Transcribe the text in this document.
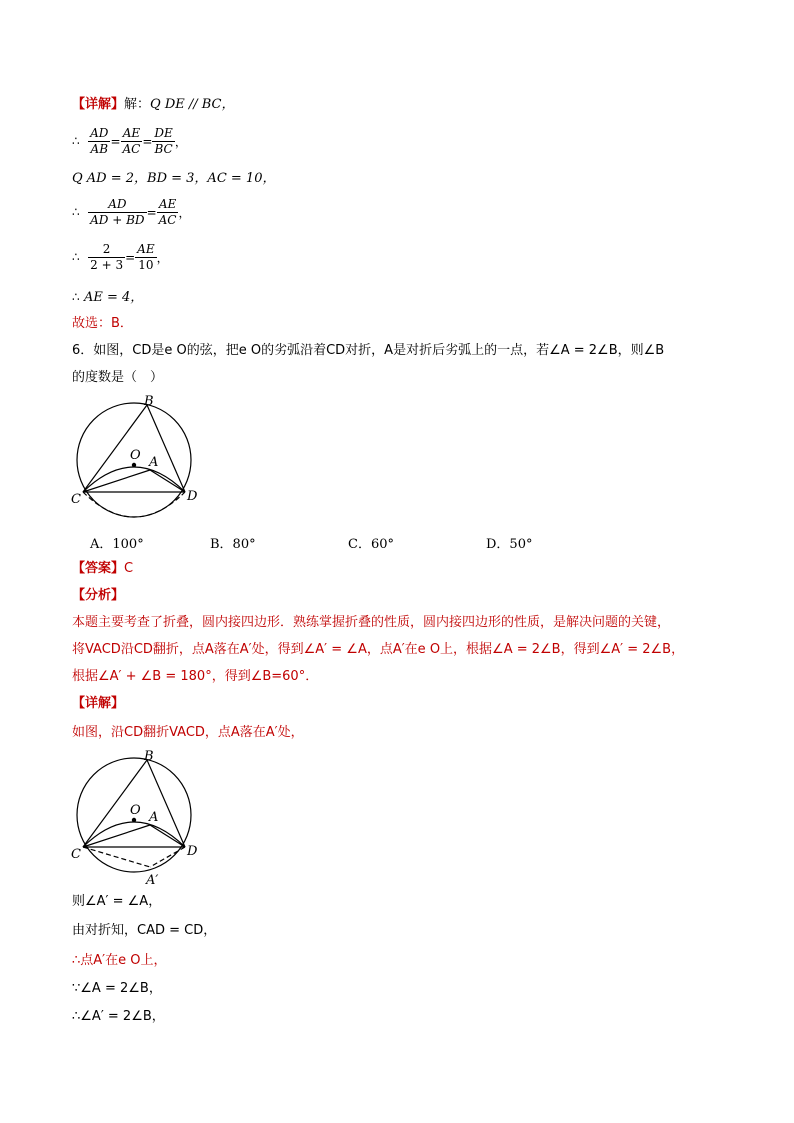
【详解】解：Q DE // BC，
∴ $\frac{AD}{AB} = \frac{AE}{AC} = \frac{DE}{BC}$ ，
Q AD = 2，BD = 3，AC = 10，
∴ $\frac{AD}{AD + BD} = \frac{AE}{AC}$ ，
∴ $\frac{2}{2 + 3} = \frac{AE}{10}$ ，
∴ AE = 4，
故选：B．
6．如图，CD是e O的弦，把e O的劣弧沿着CD对折，A是对折后劣弧上的一点，若∠A = 2∠B，则∠B
的度数是（　）
B
O A
C	D
A．100°	B．80°	C．60°	D．50°
【答案】C
【分析】
本题主要考查了折叠，圆内接四边形．熟练掌握折叠的性质，圆内接四边形的性质，是解决问题的关键，
将VACD沿CD翻折，点A落在A′处，得到∠A′ = ∠A，点A′在e O上，根据∠A = 2∠B，得到∠A′ = 2∠B，
根据∠A′ + ∠B = 180°，得到∠B=60°．
【详解】
如图，沿CD翻折VACD，点A落在A′处，
B
O A
C	D
A′
则∠A′ = ∠A，
由对折知，CAD = CD，
∴点A′在e O上，
∵∠A = 2∠B，
∴∠A′ = 2∠B，
